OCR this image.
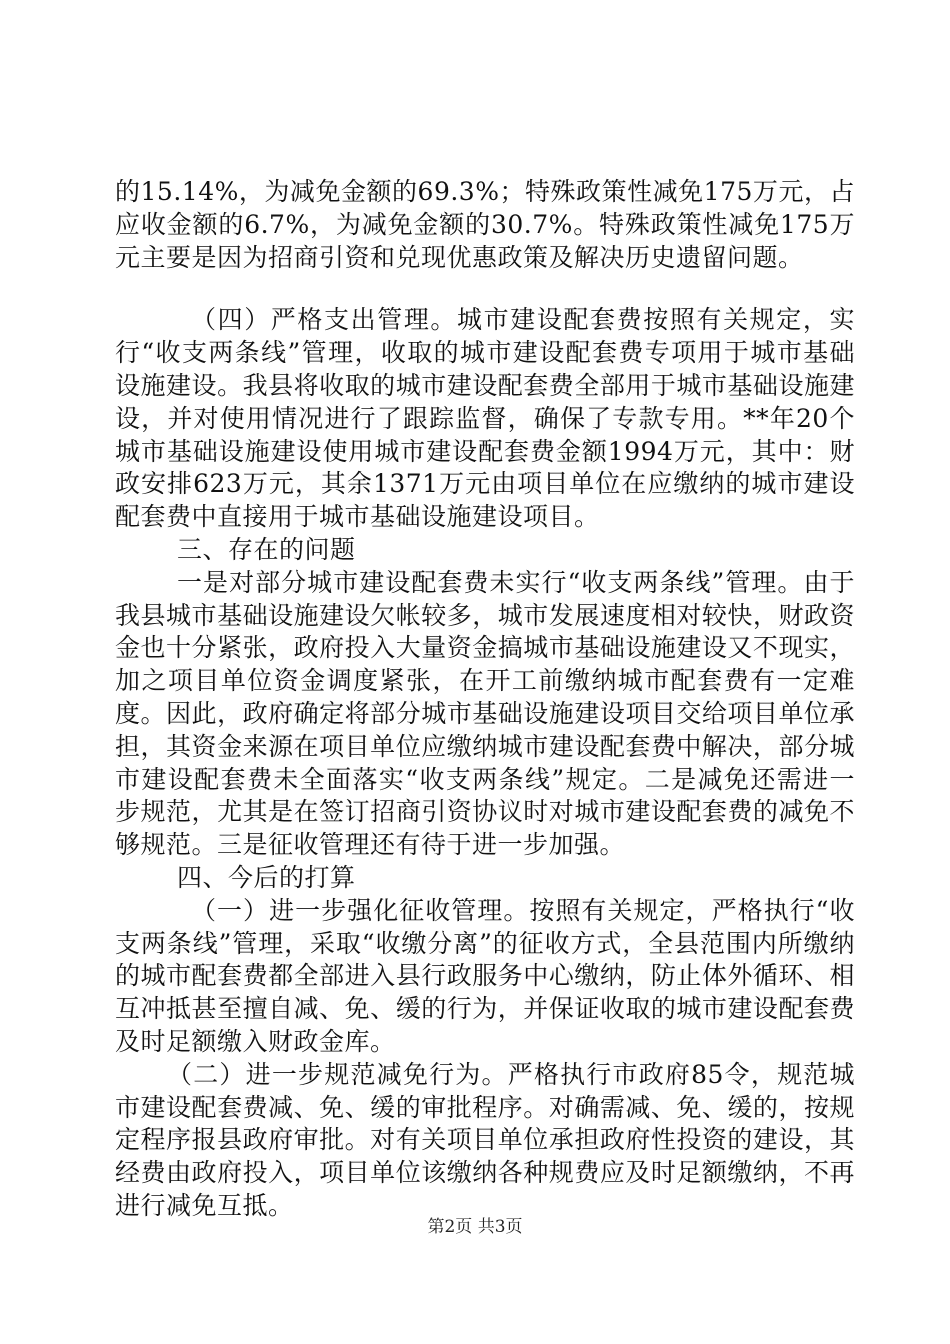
的15.14%，为减免金额的69.3%；特殊政策性减免175万元，占应收金额的6.7%，为减免金额的30.7%。特殊政策性减免175万元主要是因为招商引资和兑现优惠政策及解决历史遗留问题。

（四）严格支出管理。城市建设配套费按照有关规定，实行“收支两条线”管理，收取的城市建设配套费专项用于城市基础设施建设。我县将收取的城市建设配套费全部用于城市基础设施建设，并对使用情况进行了跟踪监督，确保了专款专用。**年20个城市基础设施建设使用城市建设配套费金额1994万元，其中：财政安排623万元，其余1371万元由项目单位在应缴纳的城市建设配套费中直接用于城市基础设施建设项目。

三、存在的问题

一是对部分城市建设配套费未实行“收支两条线”管理。由于我县城市基础设施建设欠帐较多，城市发展速度相对较快，财政资金也十分紧张，政府投入大量资金搞城市基础设施建设又不现实，加之项目单位资金调度紧张，在开工前缴纳城市配套费有一定难度。因此，政府确定将部分城市基础设施建设项目交给项目单位承担，其资金来源在项目单位应缴纳城市建设配套费中解决，部分城市建设配套费未全面落实“收支两条线”规定。二是减免还需进一步规范，尤其是在签订招商引资协议时对城市建设配套费的减免不够规范。三是征收管理还有待于进一步加强。

四、今后的打算

（一）进一步强化征收管理。按照有关规定，严格执行“收支两条线”管理，采取“收缴分离”的征收方式，全县范围内所缴纳的城市配套费都全部进入县行政服务中心缴纳，防止体外循环、相互冲抵甚至擅自减、免、缓的行为，并保证收取的城市建设配套费及时足额缴入财政金库。

（二）进一步规范减免行为。严格执行市政府85令，规范城市建设配套费减、免、缓的审批程序。对确需减、免、缓的，按规定程序报县政府审批。对有关项目单位承担政府性投资的建设，其经费由政府投入，项目单位该缴纳各种规费应及时足额缴纳，不再进行减免互抵。

第2页 共3页
